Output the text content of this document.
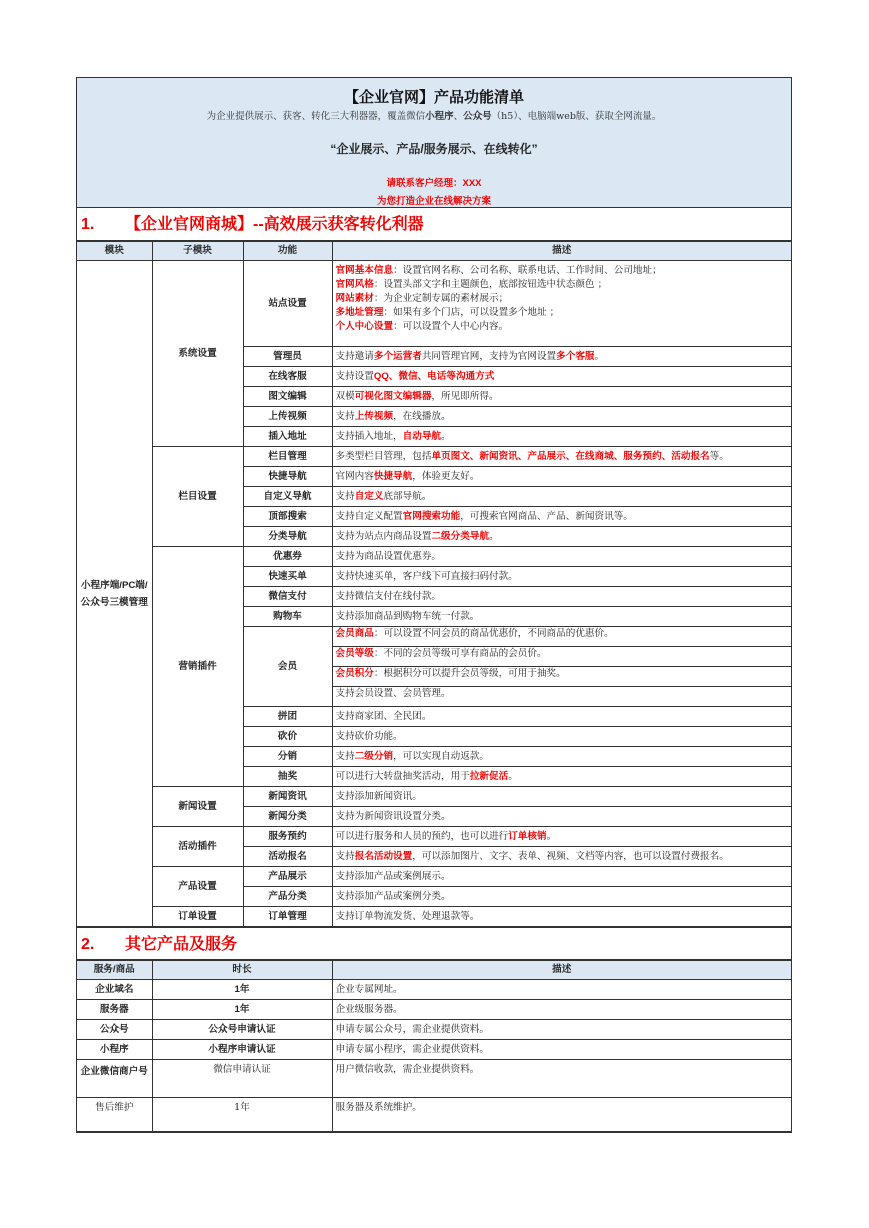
【企业官网】产品功能清单
为企业提供展示、获客、转化三大利器器，覆盖微信小程序、公众号（h5）、电脑端web版、获取全网流量。
“企业展示、产品/服务展示、在线转化”
请联系客户经理：XXX
为您打造企业在线解决方案
1. 【企业官网商城】--高效展示获客转化利器
模块	子模块	功能	描述
小程序端/PC端/公众号三模管理	系统设置	站点设置	官网基本信息：设置官网名称、公司名称、联系电话、工作时间、公司地址；
官网风格：设置头部文字和主题颜色，底部按钮选中状态颜色 ；
网站素材：为企业定制专属的素材展示；
多地址管理：如果有多个门店，可以设置多个地址 ；
个人中心设置：可以设置个人中心内容。

		管理员	支持邀请多个运营者共同管理官网，支持为官网设置多个客服。

		在线客服	支持设置QQ、微信、电话等沟通方式

		图文编辑	双模可视化图文编辑器，所见即所得。

		上传视频	支持上传视频，在线播放。

		插入地址	支持插入地址，自动导航。

	栏目设置	栏目管理	多类型栏目管理，包括单页图文、新闻资讯、产品展示、在线商城、服务预约、活动报名等。

		快捷导航	官网内容快捷导航，体验更友好。

		自定义导航	支持自定义底部导航。

		顶部搜索	支持自定义配置官网搜索功能，可搜索官网商品、产品、新闻资讯等。

		分类导航	支持为站点内商品设置二级分类导航。

	营销插件	优惠券	支持为商品设置优惠券。

		快速买单	支持快速买单，客户线下可直接扫码付款。

		微信支付	支持微信支付在线付款。

		购物车	支持添加商品到购物车统一付款。

		会员	会员商品：可以设置不同会员的商品优惠价，不同商品的优惠价。

			会员等级：不同的会员等级可享有商品的会员价。

			会员积分：根据积分可以提升会员等级，可用于抽奖。

			支持会员设置、会员管理。

		拼团	支持商家团、全民团。

		砍价	支持砍价功能。

		分销	支持二级分销，可以实现自动返款。

		抽奖	可以进行大转盘抽奖活动，用于拉新促活。

	新闻设置	新闻资讯	支持添加新闻资讯。

		新闻分类	支持为新闻资讯设置分类。

	活动插件	服务预约	可以进行服务和人员的预约，也可以进行订单核销。

		活动报名	支持报名活动设置，可以添加图片、文字、表单、视频、文档等内容，也可以设置付费报名。

	产品设置	产品展示	支持添加产品或案例展示。

		产品分类	支持添加产品或案例分类。

	订单设置	订单管理	支持订单物流发货、处理退款等。
2. 其它产品及服务
服务/商品	时长	描述
企业域名	1年	企业专属网址。
服务器	1年	企业级服务器。
公众号	公众号申请认证	申请专属公众号，需企业提供资料。
小程序	小程序申请认证	申请专属小程序，需企业提供资料。
企业微信商户号	微信申请认证	用户微信收款，需企业提供资料。
售后维护	1年	服务器及系统维护。
